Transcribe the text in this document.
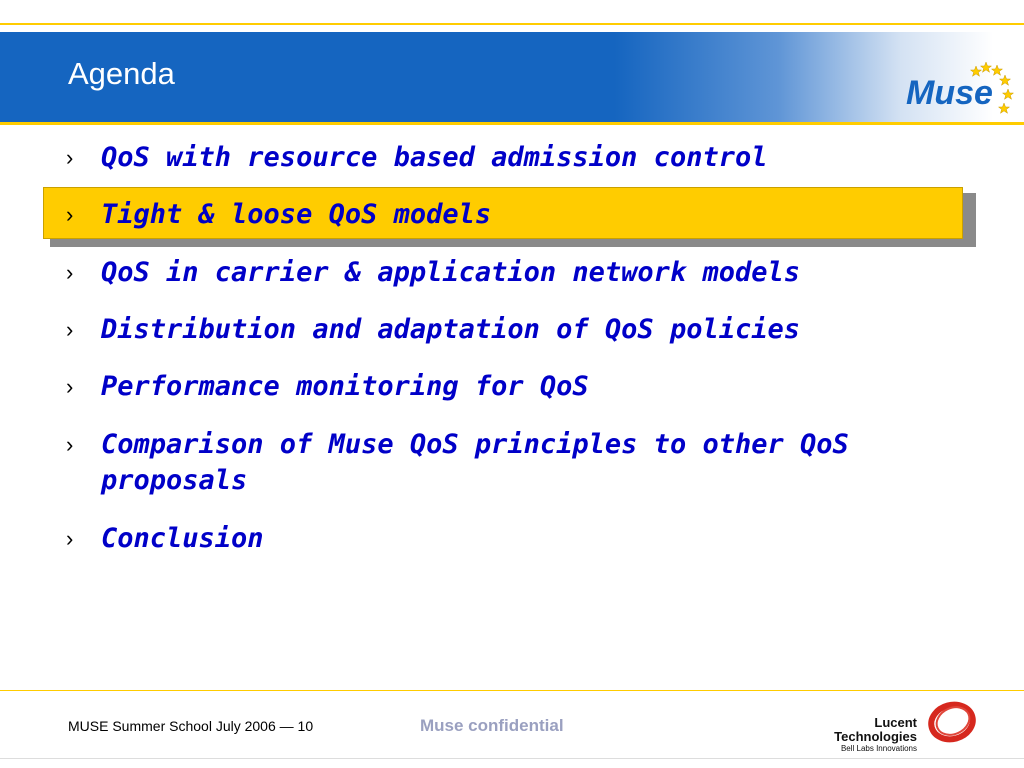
Agenda
Muse
›	QoS with resource based admission control
›	Tight & loose QoS models
›	QoS in carrier & application network models
›	Distribution and adaptation of QoS policies
›	Performance monitoring for QoS
›	Comparison of Muse QoS principles to other QoS proposals
›	Conclusion
MUSE Summer School July 2006 — 10	Muse confidential	Lucent Technologies
Bell Labs Innovations
